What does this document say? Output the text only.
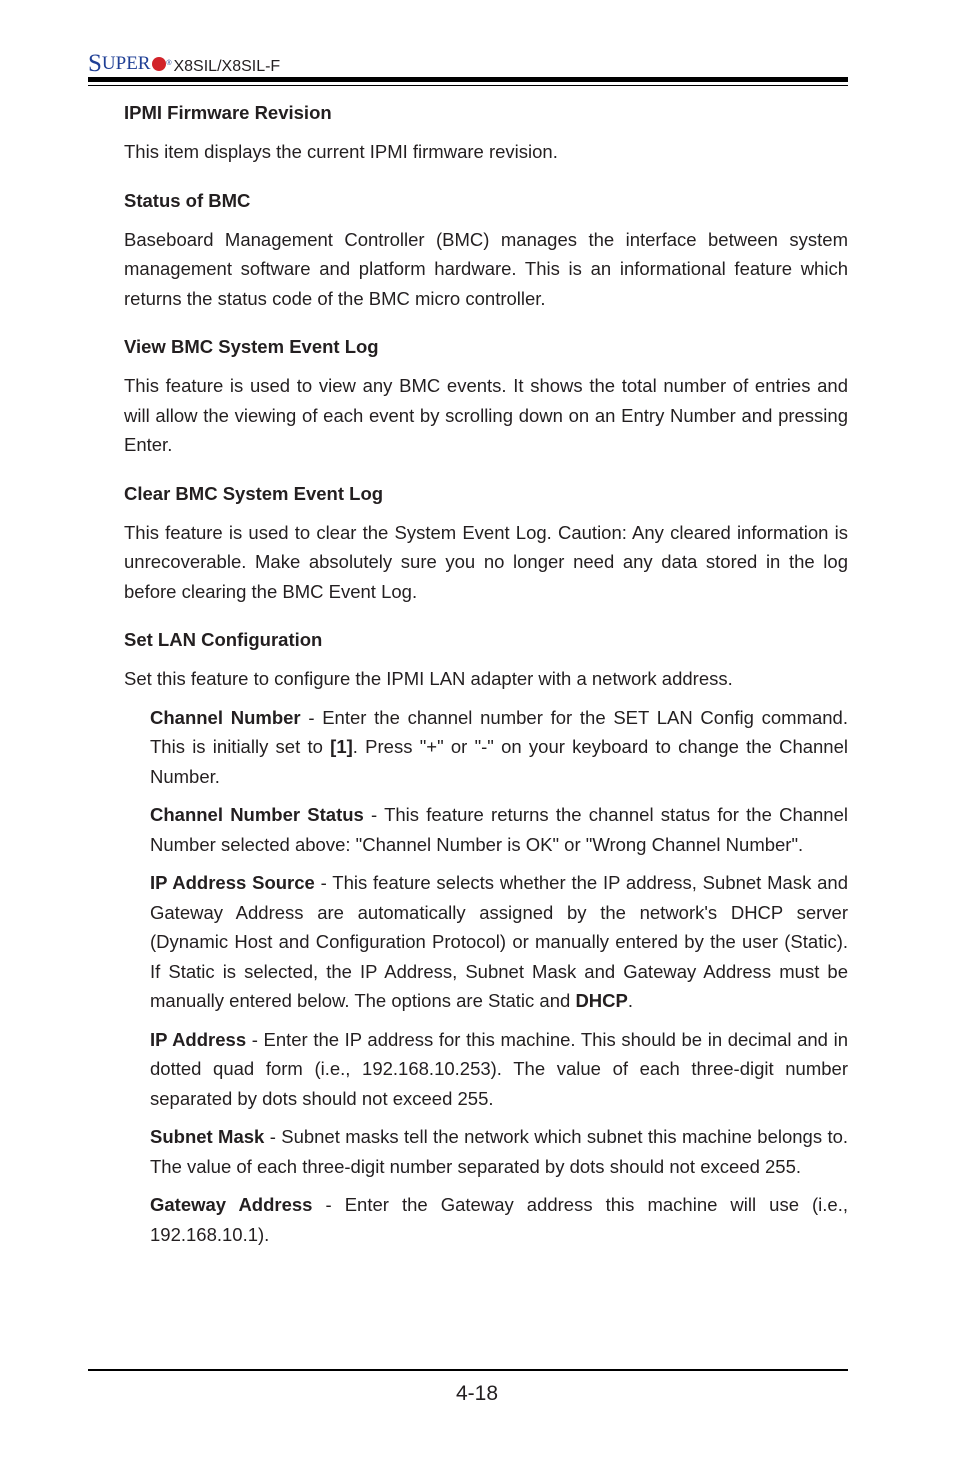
S UPER ® X8SIL/X8SIL-F

IPMI Firmware Revision

This item displays the current IPMI firmware revision.

Status of BMC

Baseboard Management Controller (BMC) manages the interface between system management software and platform hardware. This is an informational feature which returns the status code of the BMC micro controller.

View BMC System Event Log

This feature is used to view any BMC events. It shows the total number of entries and will allow the viewing of each event by scrolling down on an Entry Number and pressing Enter.

Clear BMC System Event Log

This feature is used to clear the System Event Log. Caution: Any cleared information is unrecoverable. Make absolutely sure you no longer need any data stored in the log before clearing the BMC Event Log.

Set LAN Configuration

Set this feature to configure the IPMI LAN adapter with a network address.

Channel Number - Enter the channel number for the SET LAN Config command. This is initially set to [1]. Press "+" or "-" on your keyboard to change the Channel Number.

Channel Number Status - This feature returns the channel status for the Channel Number selected above: "Channel Number is OK" or "Wrong Channel Number".

IP Address Source - This feature selects whether the IP address, Subnet Mask and Gateway Address are automatically assigned by the network's DHCP server (Dynamic Host and Configuration Protocol) or manually entered by the user (Static). If Static is selected, the IP Address, Subnet Mask and Gateway Address must be manually entered below. The options are Static and DHCP.

IP Address - Enter the IP address for this machine. This should be in decimal and in dotted quad form (i.e., 192.168.10.253). The value of each three-digit number separated by dots should not exceed 255.

Subnet Mask - Subnet masks tell the network which subnet this machine belongs to. The value of each three-digit number separated by dots should not exceed 255.

Gateway Address - Enter the Gateway address this machine will use (i.e., 192.168.10.1).

4-18
